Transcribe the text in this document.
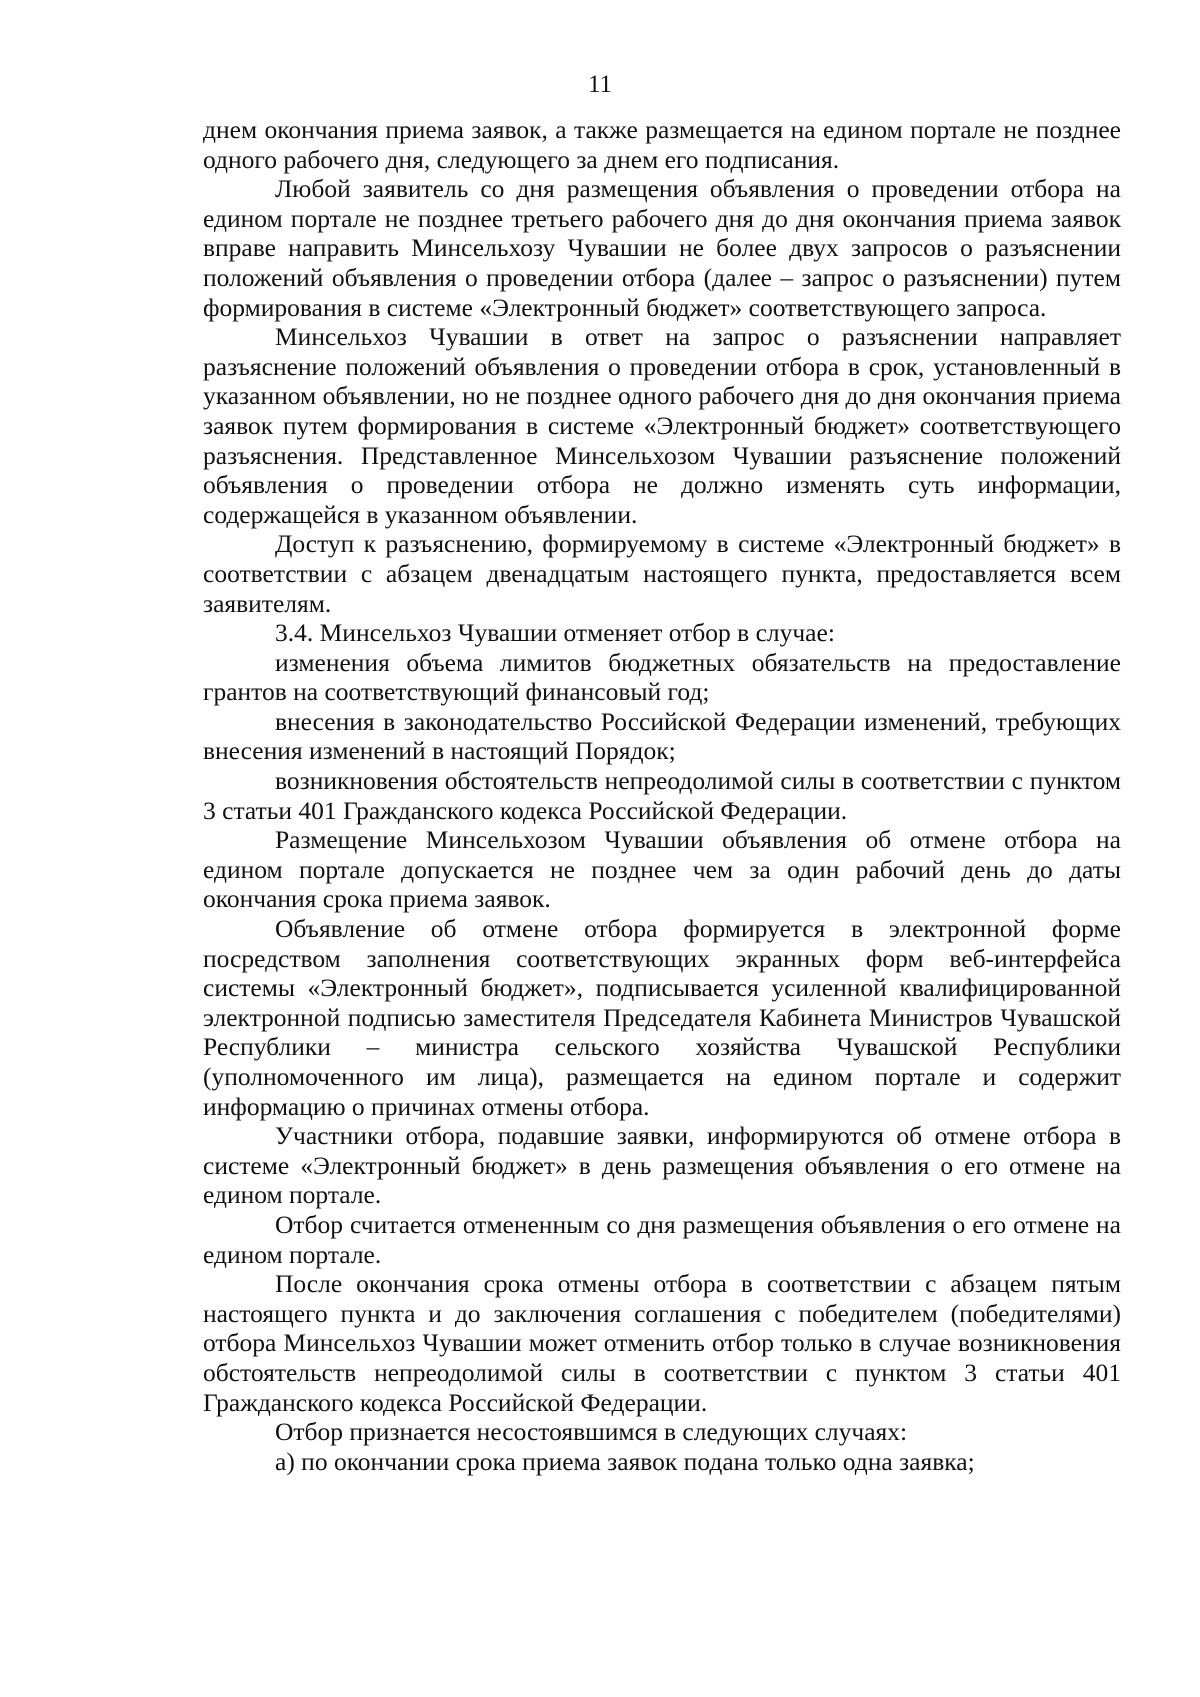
11

днем окончания приема заявок, а также размещается на едином портале не позднее одного рабочего дня, следующего за днем его подписания.

Любой заявитель со дня размещения объявления о проведении отбора на едином портале не позднее третьего рабочего дня до дня окончания приема заявок вправе направить Минсельхозу Чувашии не более двух запросов о разъяснении положений объявления о проведении отбора (далее – запрос о разъяснении) путем формирования в системе «Электронный бюджет» соответствующего запроса.

Минсельхоз Чувашии в ответ на запрос о разъяснении направляет разъяснение положений объявления о проведении отбора в срок, установленный в указанном объявлении, но не позднее одного рабочего дня до дня окончания приема заявок путем формирования в системе «Электронный бюджет» соответствующего разъяснения. Представленное Минсельхозом Чувашии разъяснение положений объявления о проведении отбора не должно изменять суть информации, содержащейся в указанном объявлении.

Доступ к разъяснению, формируемому в системе «Электронный бюджет» в соответствии с абзацем двенадцатым настоящего пункта, предоставляется всем заявителям.

3.4. Минсельхоз Чувашии отменяет отбор в случае:

изменения объема лимитов бюджетных обязательств на предоставление грантов на соответствующий финансовый год;

внесения в законодательство Российской Федерации изменений, требующих внесения изменений в настоящий Порядок;

возникновения обстоятельств непреодолимой силы в соответствии с пунктом 3 статьи 401 Гражданского кодекса Российской Федерации.

Размещение Минсельхозом Чувашии объявления об отмене отбора на едином портале допускается не позднее чем за один рабочий день до даты окончания срока приема заявок.

Объявление об отмене отбора формируется в электронной форме посредством заполнения соответствующих экранных форм веб-интерфейса системы «Электронный бюджет», подписывается усиленной квалифицированной электронной подписью заместителя Председателя Кабинета Министров Чувашской Республики – министра сельского хозяйства Чувашской Республики (уполномоченного им лица), размещается на едином портале и содержит информацию о причинах отмены отбора.

Участники отбора, подавшие заявки, информируются об отмене отбора в системе «Электронный бюджет» в день размещения объявления о его отмене на едином портале.

Отбор считается отмененным со дня размещения объявления о его отмене на едином портале.

После окончания срока отмены отбора в соответствии с абзацем пятым настоящего пункта и до заключения соглашения с победителем (победителями) отбора Минсельхоз Чувашии может отменить отбор только в случае возникновения обстоятельств непреодолимой силы в соответствии с пунктом 3 статьи 401 Гражданского кодекса Российской Федерации.

Отбор признается несостоявшимся в следующих случаях:

а) по окончании срока приема заявок подана только одна заявка;
